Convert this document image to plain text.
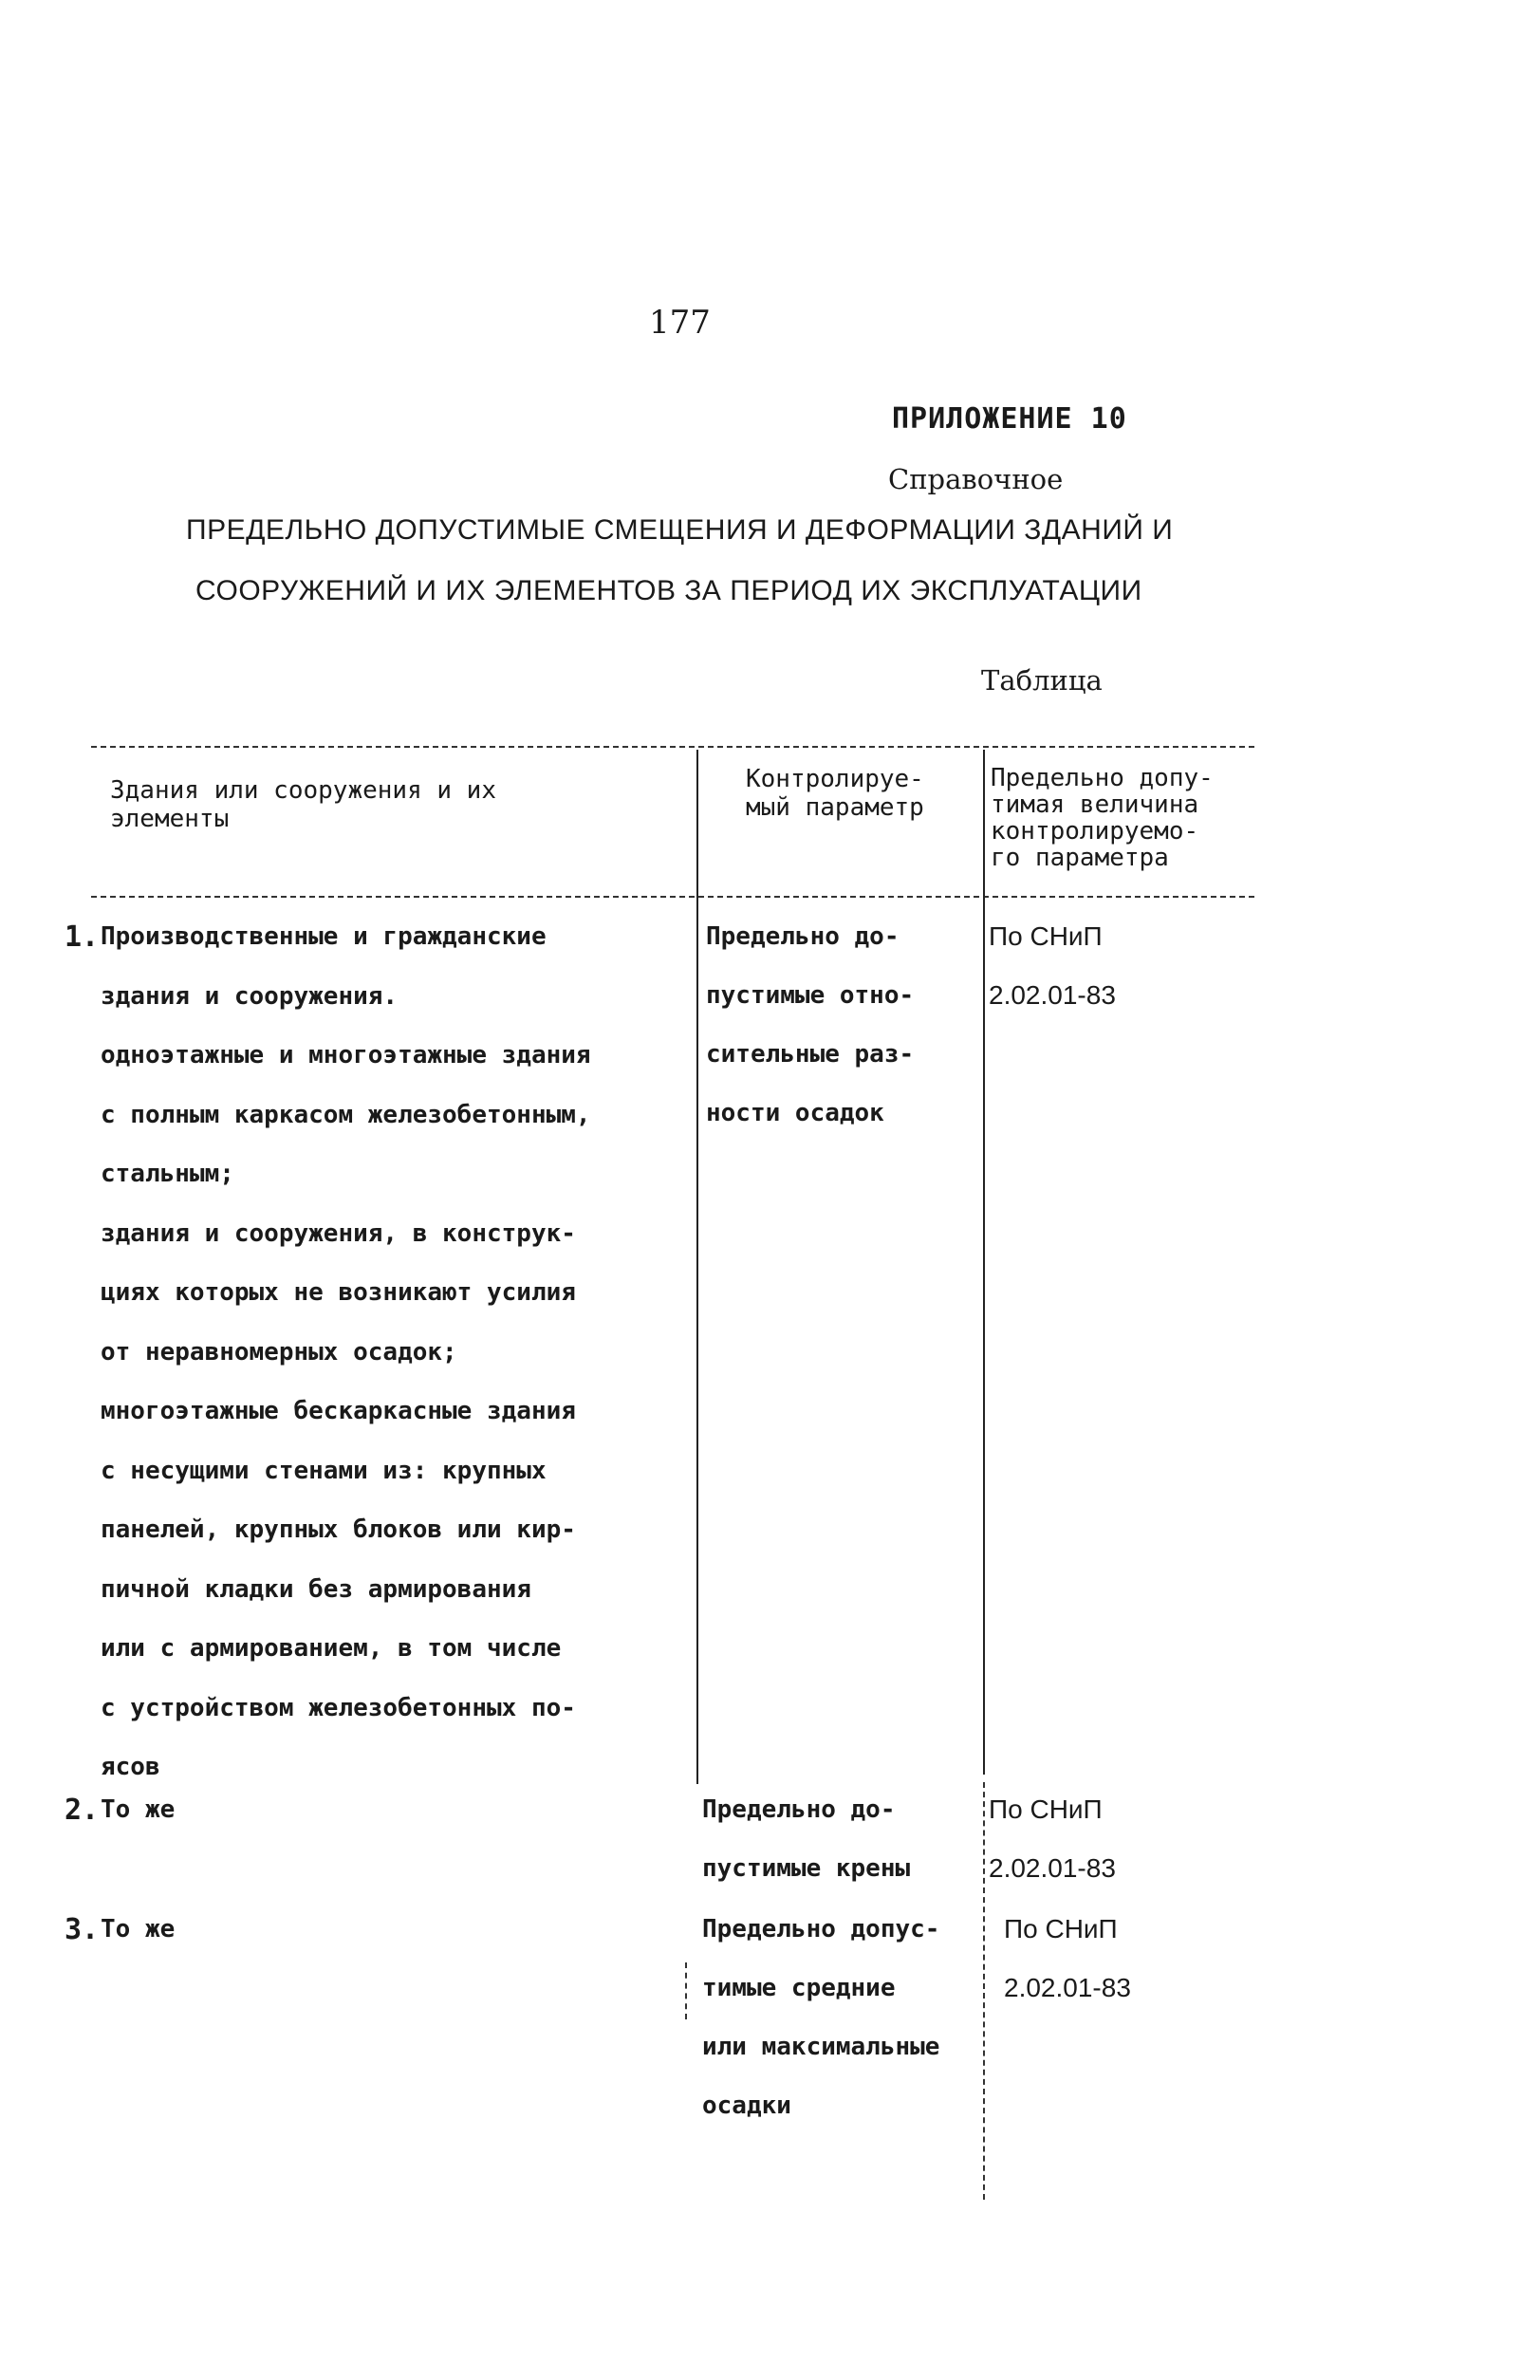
177
ПРИЛОЖЕНИЕ 10
Справочное
ПРЕДЕЛЬНО ДОПУСТИМЫЕ СМЕЩЕНИЯ И ДЕФОРМАЦИИ ЗДАНИЙ И
СООРУЖЕНИЙ И ИХ ЭЛЕМЕНТОВ ЗА ПЕРИОД ИХ ЭКСПЛУАТАЦИИ
Таблица
Здания или сооружения и их
элементы
Контролируе-
мый параметр
Предельно допу-
тимая величина
контролируемо-
го параметра
1. Производственные и гражданские
здания и сооружения.
одноэтажные и многоэтажные здания
с полным каркасом железобетонным,
стальным;
здания и сооружения, в конструк-
циях которых не возникают усилия
от неравномерных осадок;
многоэтажные бескаркасные здания
с несущими стенами из: крупных
панелей, крупных блоков или кир-
пичной кладки без армирования
или с армированием, в том числе
с устройством железобетонных по-
ясов
Предельно до-
пустимые отно-
сительные раз-
ности осадок
По СНиП
2.02.01-83
2. То же	Предельно до-
пустимые крены
По СНиП
2.02.01-83
3. То же	Предельно допус-
тимые средние
или максимальные
осадки
По СНиП
2.02.01-83
